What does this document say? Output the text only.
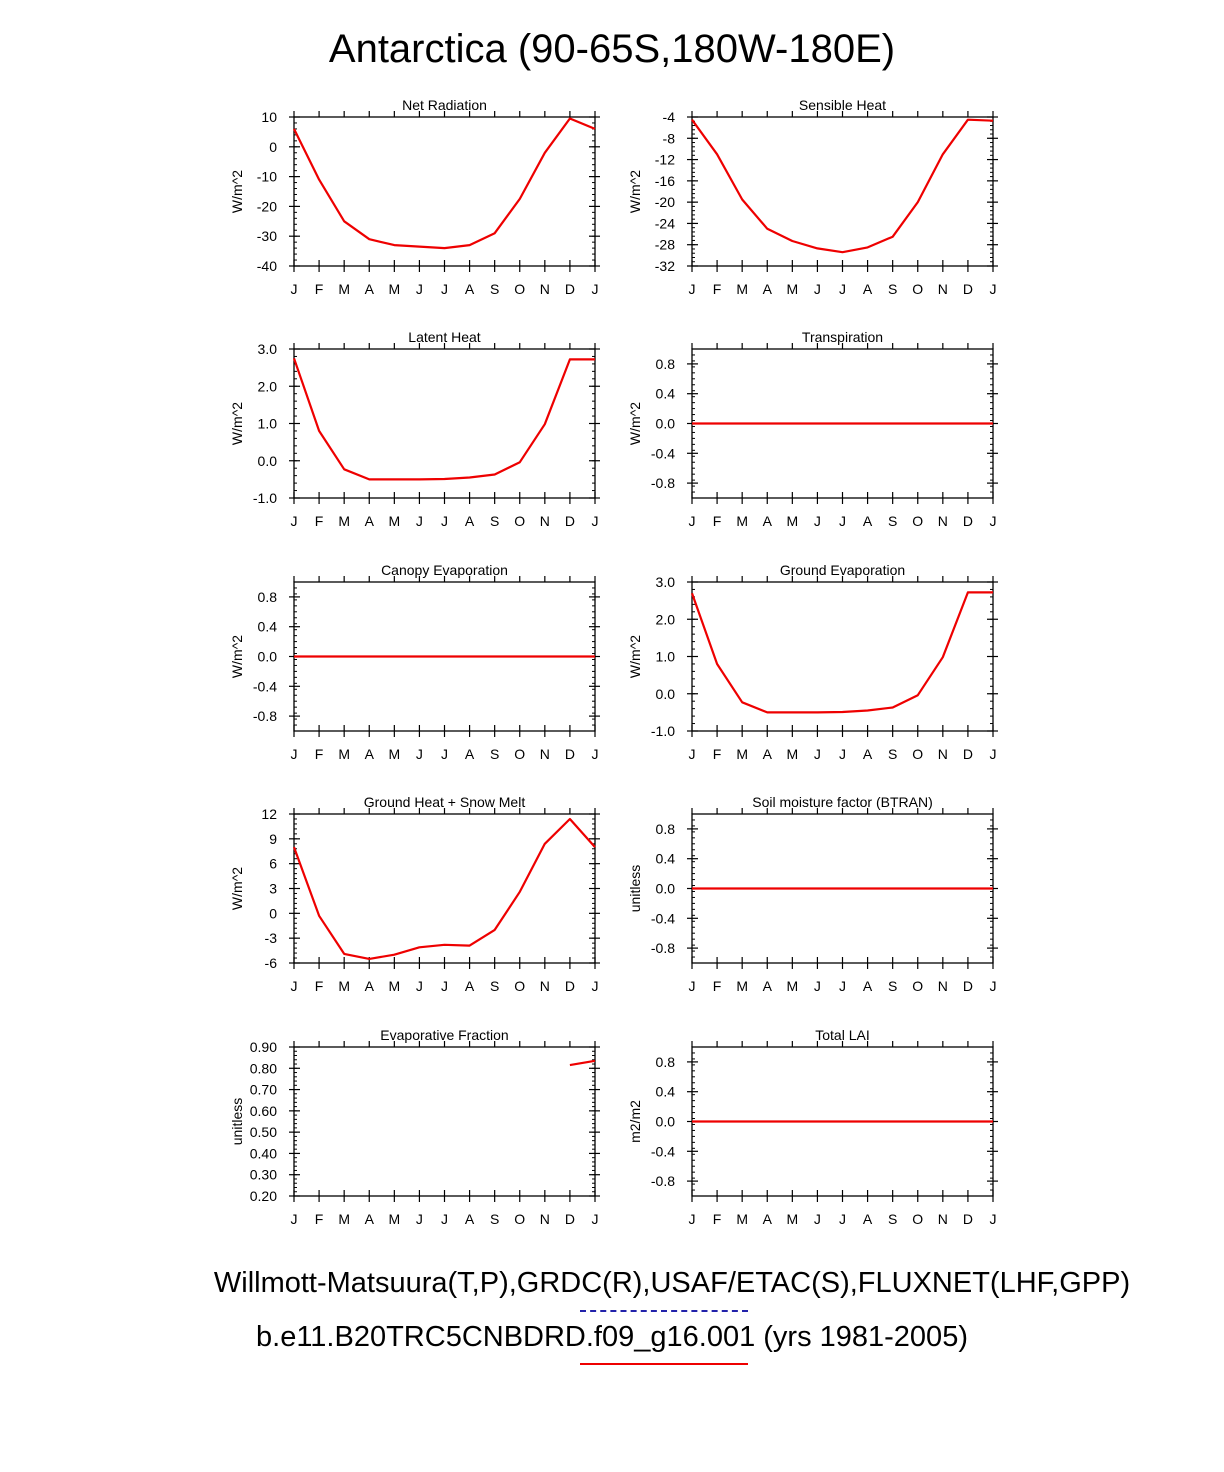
Antarctica (90-65S,180W-180E)
Net Radiation
W/m^2
10
0
-10
-20
-30
-40
J F M A M J J A S O N D J
Sensible Heat
W/m^2
-4
-8
-12
-16
-20
-24
-28
-32
J F M A M J J A S O N D J
Latent Heat
W/m^2
3.0
2.0
1.0
0.0
-1.0
J F M A M J J A S O N D J
Transpiration
W/m^2
0.8
0.4
0.0
-0.4
-0.8
J F M A M J J A S O N D J
Canopy Evaporation
W/m^2
0.8
0.4
0.0
-0.4
-0.8
J F M A M J J A S O N D J
Ground Evaporation
W/m^2
3.0
2.0
1.0
0.0
-1.0
J F M A M J J A S O N D J
Ground Heat + Snow Melt
W/m^2
12
9
6
3
0
-3
-6
J F M A M J J A S O N D J
Soil moisture factor (BTRAN)
unitless
0.8
0.4
0.0
-0.4
-0.8
J F M A M J J A S O N D J
Evaporative Fraction
unitless
0.90
0.80
0.70
0.60
0.50
0.40
0.30
0.20
J F M A M J J A S O N D J
Total LAI
m2/m2
0.8
0.4
0.0
-0.4
-0.8
J F M A M J J A S O N D J
Willmott-Matsuura(T,P),GRDC(R),USAF/ETAC(S),FLUXNET(LHF,GPP)
b.e11.B20TRC5CNBDRD.f09_g16.001 (yrs 1981-2005)
